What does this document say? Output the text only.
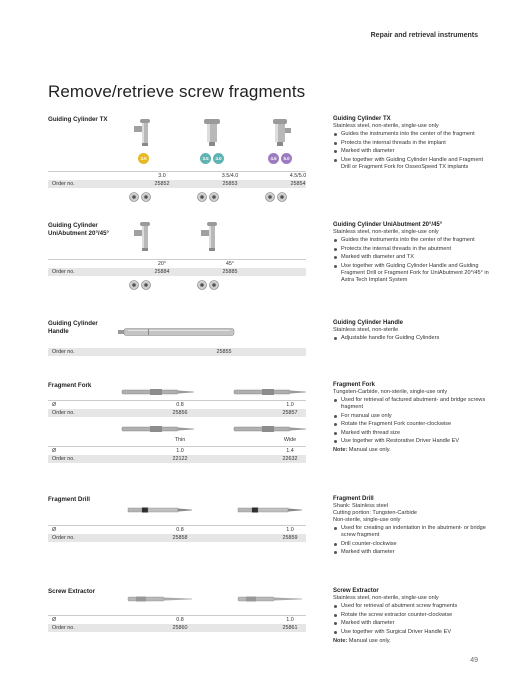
Repair and retrieval instruments
Remove/retrieve screw fragments
Guiding Cylinder TX
3.0	3.5	4.0	4.5	5.0
3.0	3.5/4.0	4.5/5.0
Order no.	25852	25853	25854
Guiding Cylinder TX
Stainless steel, non-sterile, single-use only
Guides the instruments into the center of the fragment
Protects the internal threads in the implant
Marked with diameter
Use together with Guiding Cylinder Handle and Fragment Drill or Fragment Fork for OsseoSpeed TX implants
Guiding Cylinder UniAbutment 20°/45°
20°	45°
Order no.	25884	25885
Guiding Cylinder UniAbutment 20°/45°
Stainless steel, non-sterile, single-use only
Guides the instruments into the center of the fragment
Protects the internal threads in the abutment
Marked with diameter and TX
Use together with Guiding Cylinder Handle and Guiding Fragment Drill or Fragment Fork for UniAbutment 20°/45° in Astra Tech Implant System
Guiding Cylinder Handle
Order no.	25855
Guiding Cylinder Handle
Stainless steel, non-sterile
Adjustable handle for Guiding Cylinders
Fragment Fork
Ø	0.8	1.0
Order no.	25856	25857
Thin	Wide
Ø	1.0	1.4
Order no.	22122	22632
Fragment Fork
Tungsten-Carbide, non-sterile, single-use only
Used for retrieval of factured abutment- and bridge screws fragment
For manual use only
Rotate the Fragment Fork counter-clockwise
Marked with thread size
Use together with Restorative Driver Handle EV
Note: Manual use only.
Fragment Drill
Ø	0.8	1.0
Order no.	25858	25859
Fragment Drill
Shank: Stainless steel
Cutting portion: Tungsten-Carbide
Non-sterile, single-use only
Used for creating an indentation in the abutment- or bridge screw fragment
Drill counter-clockwise
Marked with diameter
Screw Extractor
Ø	0.8	1.0
Order no.	25860	25861
Screw Extractor
Stainless steel, non-sterile, single-use only
Used for retrieval of abutment screw fragments
Rotate the screw extractor counter-clockwise
Marked with diameter
Use together with Surgical Driver Handle EV
Note: Manual use only.
49
